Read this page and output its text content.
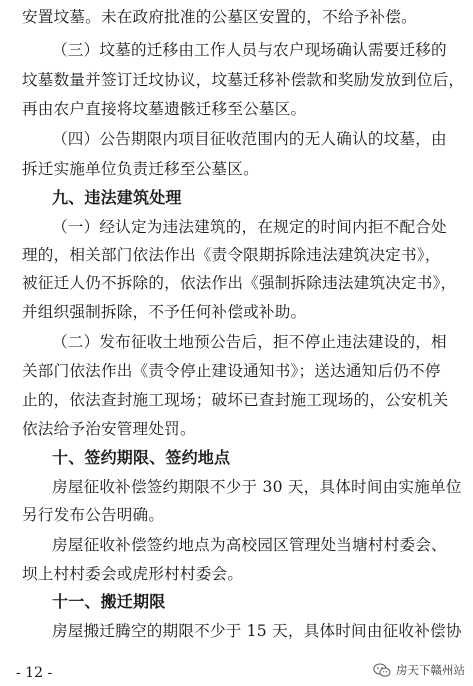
安置坟墓。未在政府批准的公墓区安置的，不给予补偿。
（三）坟墓的迁移由工作人员与农户现场确认需要迁移的
坟墓数量并签订迁坟协议，坟墓迁移补偿款和奖励发放到位后，
再由农户直接将坟墓遗骸迁移至公墓区。
（四）公告期限内项目征收范围内的无人确认的坟墓，由
拆迁实施单位负责迁移至公墓区。
九、违法建筑处理
（一）经认定为违法建筑的，在规定的时间内拒不配合处
理的，相关部门依法作出《责令限期拆除违法建筑决定书》，
被征迁人仍不拆除的，依法作出《强制拆除违法建筑决定书》，
并组织强制拆除，不予任何补偿或补助。
（二）发布征收土地预公告后，拒不停止违法建设的，相
关部门依法作出《责令停止建设通知书》；送达通知后仍不停
止的，依法查封施工现场；破坏已查封施工现场的，公安机关
依法给予治安管理处罚。
十、签约期限、签约地点
房屋征收补偿签约期限不少于 30 天，具体时间由实施单位
另行发布公告明确。
房屋征收补偿签约地点为高校园区管理处当塘村村委会、
坝上村村委会或虎形村村委会。
十一、搬迁期限
房屋搬迁腾空的期限不少于 15 天，具体时间由征收补偿协
- 12 -	房天下赣州站
